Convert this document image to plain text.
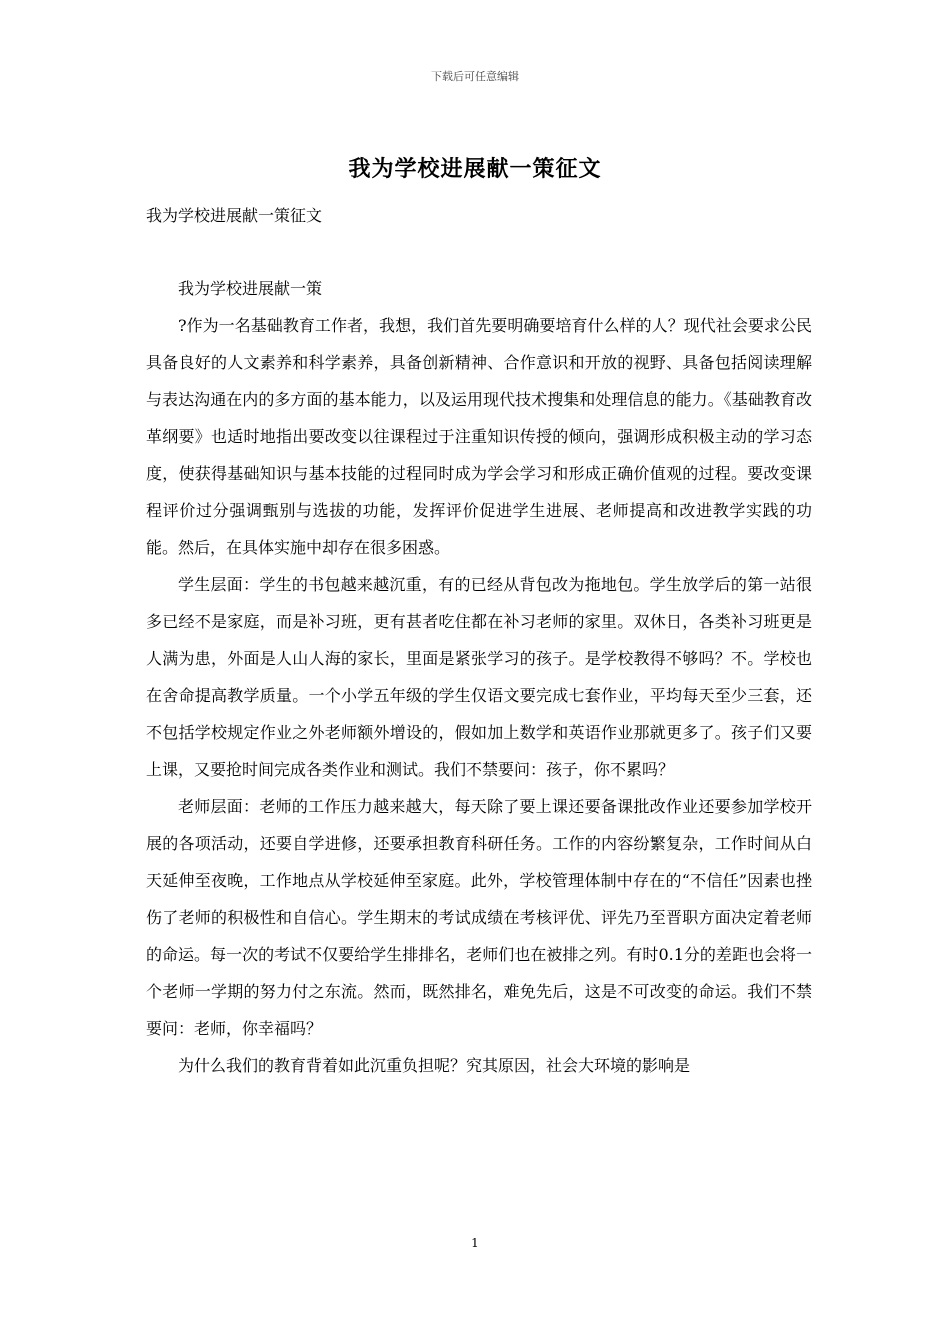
下载后可任意编辑
我为学校进展献一策征文
我为学校进展献一策征文

我为学校进展献一策

?作为一名基础教育工作者，我想，我们首先要明确要培育什么样的人？现代社会要求公民具备良好的人文素养和科学素养，具备创新精神、合作意识和开放的视野、具备包括阅读理解与表达沟通在内的多方面的基本能力，以及运用现代技术搜集和处理信息的能力。《基础教育改革纲要》也适时地指出要改变以往课程过于注重知识传授的倾向，强调形成积极主动的学习态度，使获得基础知识与基本技能的过程同时成为学会学习和形成正确价值观的过程。要改变课程评价过分强调甄别与选拔的功能，发挥评价促进学生进展、老师提高和改进教学实践的功能。然后，在具体实施中却存在很多困惑。

学生层面：学生的书包越来越沉重，有的已经从背包改为拖地包。学生放学后的第一站很多已经不是家庭，而是补习班，更有甚者吃住都在补习老师的家里。双休日，各类补习班更是人满为患，外面是人山人海的家长，里面是紧张学习的孩子。是学校教得不够吗？不。学校也在舍命提高教学质量。一个小学五年级的学生仅语文要完成七套作业，平均每天至少三套，还不包括学校规定作业之外老师额外增设的，假如加上数学和英语作业那就更多了。孩子们又要上课，又要抢时间完成各类作业和测试。我们不禁要问：孩子，你不累吗？

老师层面：老师的工作压力越来越大，每天除了要上课还要备课批改作业还要参加学校开展的各项活动，还要自学进修，还要承担教育科研任务。工作的内容纷繁复杂，工作时间从白天延伸至夜晚，工作地点从学校延伸至家庭。此外，学校管理体制中存在的“不信任”因素也挫伤了老师的积极性和自信心。学生期末的考试成绩在考核评优、评先乃至晋职方面决定着老师的命运。每一次的考试不仅要给学生排排名，老师们也在被排之列。有时0.1分的差距也会将一个老师一学期的努力付之东流。然而，既然排名，难免先后，这是不可改变的命运。我们不禁要问：老师，你幸福吗？

为什么我们的教育背着如此沉重负担呢？究其原因，社会大环境的影响是

1
